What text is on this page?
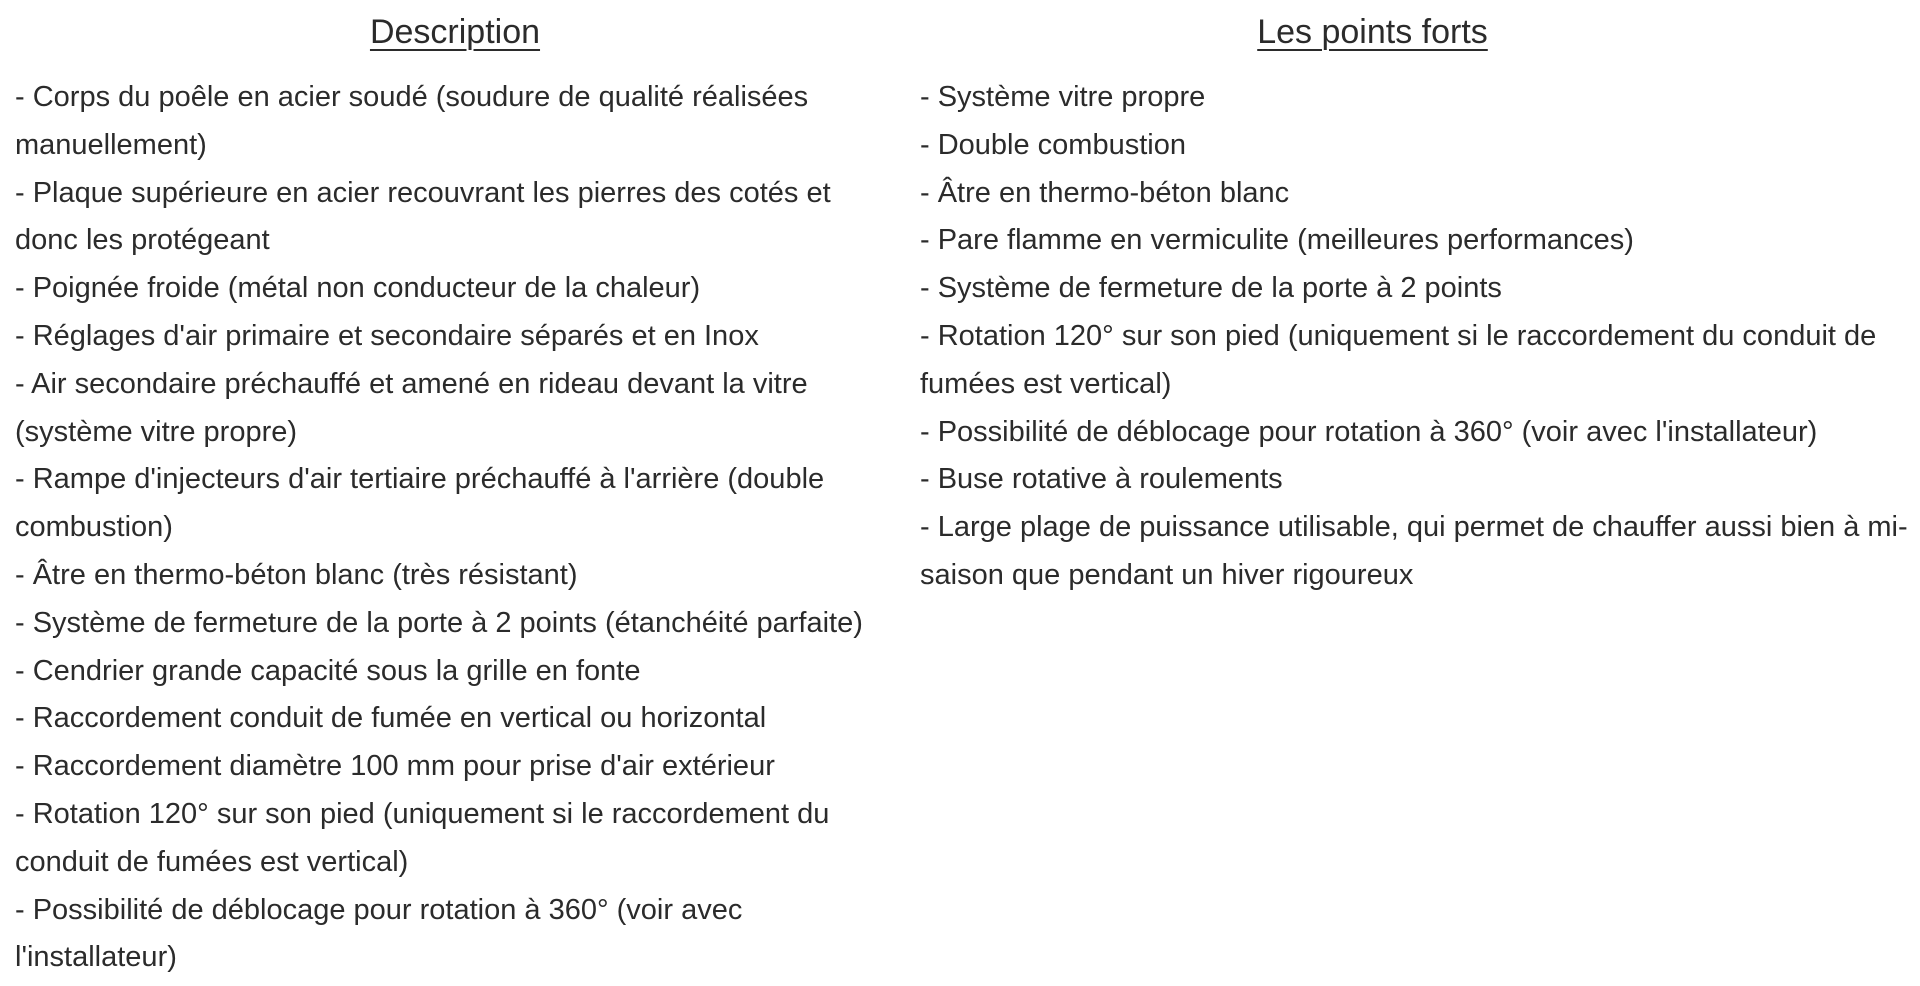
Description
- Corps du poêle en acier soudé (soudure de qualité réalisées manuellement)
- Plaque supérieure en acier recouvrant les pierres des cotés et donc les protégeant
- Poignée froide (métal non conducteur de la chaleur)
- Réglages d'air primaire et secondaire séparés et en Inox
- Air secondaire préchauffé et amené en rideau devant la vitre (système vitre propre)
- Rampe d'injecteurs d'air tertiaire préchauffé à l'arrière (double combustion)
- Âtre en thermo-béton blanc (très résistant)
- Système de fermeture de la porte à 2 points (étanchéité parfaite)
- Cendrier grande capacité sous la grille en fonte
- Raccordement conduit de fumée en vertical ou horizontal
- Raccordement diamètre 100 mm pour prise d'air extérieur
- Rotation 120° sur son pied (uniquement si le raccordement du conduit de fumées est vertical)
- Possibilité de déblocage pour rotation à 360° (voir avec l'installateur)
Les points forts
- Système vitre propre
- Double combustion
- Âtre en thermo-béton blanc
- Pare flamme en vermiculite (meilleures performances)
- Système de fermeture de la porte à 2 points
- Rotation 120° sur son pied (uniquement si le raccordement du conduit de fumées est vertical)
- Possibilité de déblocage pour rotation à 360° (voir avec l'installateur)
- Buse rotative à roulements
- Large plage de puissance utilisable, qui permet de chauffer aussi bien à mi-saison que pendant un hiver rigoureux
